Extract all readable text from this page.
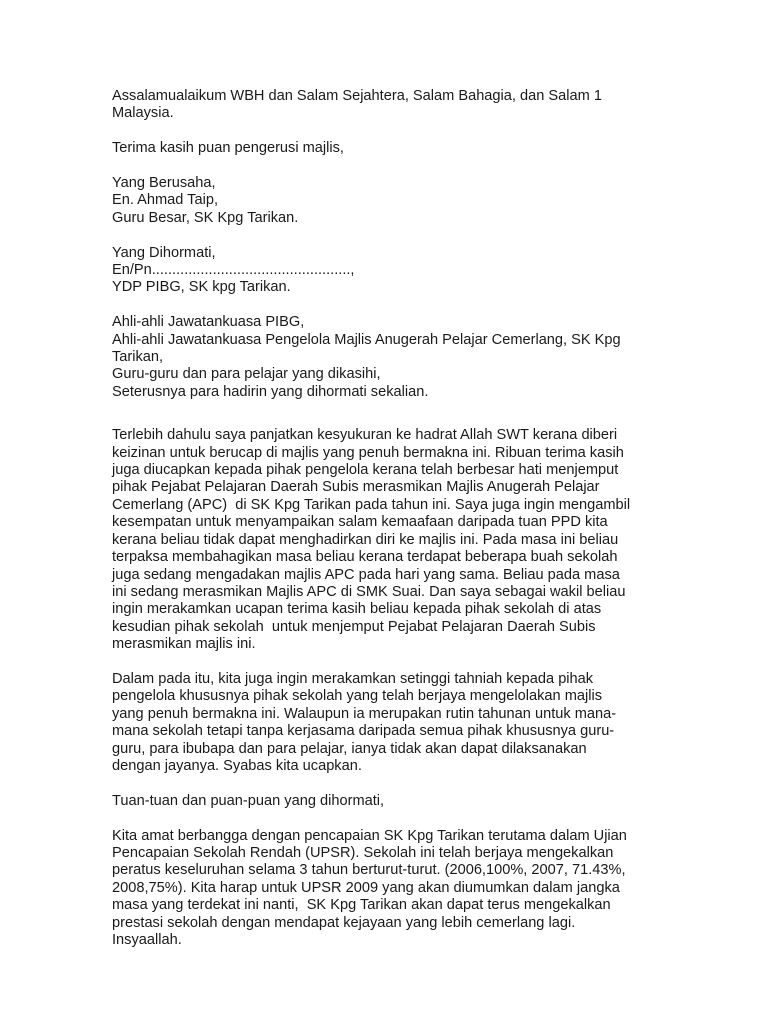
Assalamualaikum WBH dan Salam Sejahtera, Salam Bahagia, dan Salam 1
Malaysia.
Terima kasih puan pengerusi majlis,
Yang Berusaha,
En. Ahmad Taip,
Guru Besar, SK Kpg Tarikan.
Yang Dihormati,
En/Pn.................................................,
YDP PIBG, SK kpg Tarikan.
Ahli-ahli Jawatankuasa PIBG,
Ahli-ahli Jawatankuasa Pengelola Majlis Anugerah Pelajar Cemerlang, SK Kpg
Tarikan,
Guru-guru dan para pelajar yang dikasihi,
Seterusnya para hadirin yang dihormati sekalian.
Terlebih dahulu saya panjatkan kesyukuran ke hadrat Allah SWT kerana diberi
keizinan untuk berucap di majlis yang penuh bermakna ini. Ribuan terima kasih
juga diucapkan kepada pihak pengelola kerana telah berbesar hati menjemput
pihak Pejabat Pelajaran Daerah Subis merasmikan Majlis Anugerah Pelajar
Cemerlang (APC)  di SK Kpg Tarikan pada tahun ini. Saya juga ingin mengambil
kesempatan untuk menyampaikan salam kemaafaan daripada tuan PPD kita
kerana beliau tidak dapat menghadirkan diri ke majlis ini. Pada masa ini beliau
terpaksa membahagikan masa beliau kerana terdapat beberapa buah sekolah
juga sedang mengadakan majlis APC pada hari yang sama. Beliau pada masa
ini sedang merasmikan Majlis APC di SMK Suai. Dan saya sebagai wakil beliau
ingin merakamkan ucapan terima kasih beliau kepada pihak sekolah di atas
kesudian pihak sekolah  untuk menjemput Pejabat Pelajaran Daerah Subis
merasmikan majlis ini.
Dalam pada itu, kita juga ingin merakamkan setinggi tahniah kepada pihak
pengelola khususnya pihak sekolah yang telah berjaya mengelolakan majlis
yang penuh bermakna ini. Walaupun ia merupakan rutin tahunan untuk mana-
mana sekolah tetapi tanpa kerjasama daripada semua pihak khususnya guru-
guru, para ibubapa dan para pelajar, ianya tidak akan dapat dilaksanakan
dengan jayanya. Syabas kita ucapkan.
Tuan-tuan dan puan-puan yang dihormati,
Kita amat berbangga dengan pencapaian SK Kpg Tarikan terutama dalam Ujian
Pencapaian Sekolah Rendah (UPSR). Sekolah ini telah berjaya mengekalkan
peratus keseluruhan selama 3 tahun berturut-turut. (2006,100%, 2007, 71.43%,
2008,75%). Kita harap untuk UPSR 2009 yang akan diumumkan dalam jangka
masa yang terdekat ini nanti,  SK Kpg Tarikan akan dapat terus mengekalkan
prestasi sekolah dengan mendapat kejayaan yang lebih cemerlang lagi.
Insyaallah.
